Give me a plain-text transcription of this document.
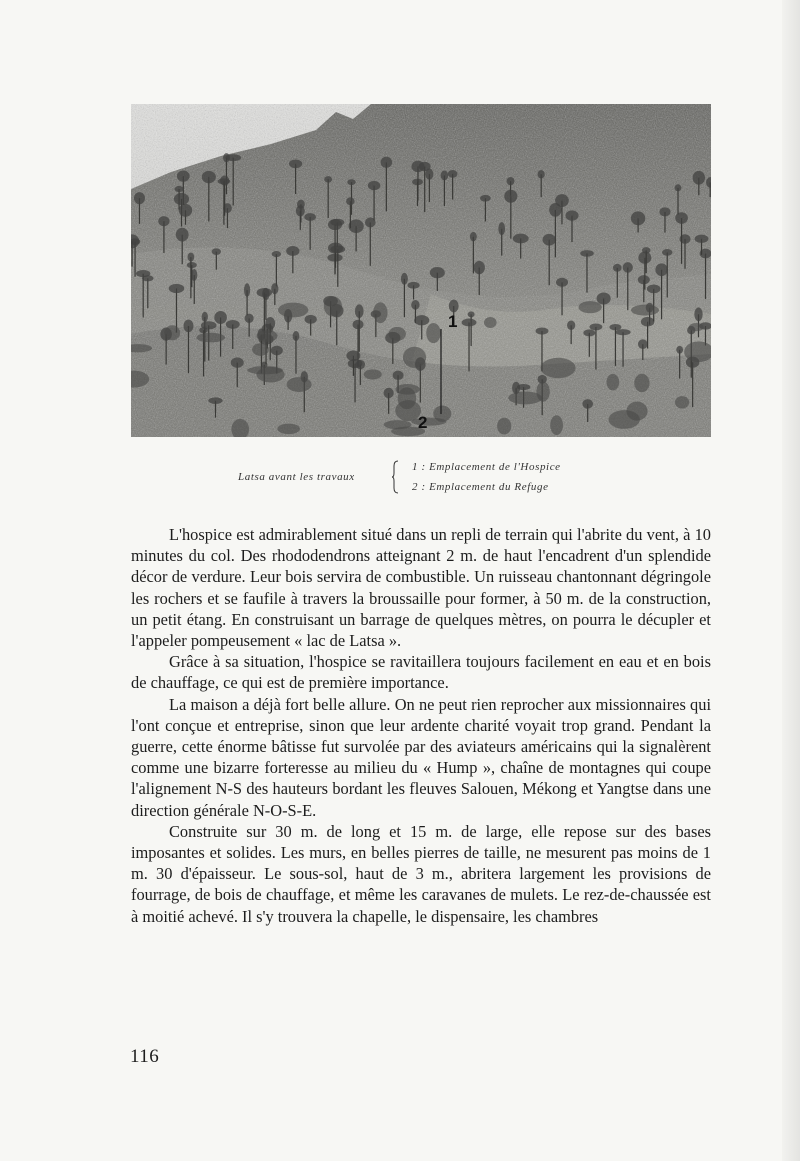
1
2
Latsa avant les travaux
1 : Emplacement de l'Hospice
2 : Emplacement du Refuge

L'hospice est admirablement situé dans un repli de terrain qui l'abrite du vent, à 10 minutes du col. Des rhododendrons atteignant 2 m. de haut l'encadrent d'un splendide décor de verdure. Leur bois servira de combustible. Un ruisseau chantonnant dégringole les rochers et se faufile à travers la broussaille pour former, à 50 m. de la construction, un petit étang. En construisant un barrage de quelques mètres, on pourra le décupler et l'appeler pompeusement « lac de Latsa ».

Grâce à sa situation, l'hospice se ravitaillera toujours facilement en eau et en bois de chauffage, ce qui est de première importance.

La maison a déjà fort belle allure. On ne peut rien reprocher aux missionnaires qui l'ont conçue et entreprise, sinon que leur ardente charité voyait trop grand. Pendant la guerre, cette énorme bâtisse fut survolée par des aviateurs américains qui la signalèrent comme une bizarre forteresse au milieu du « Hump », chaîne de montagnes qui coupe l'alignement N-S des hauteurs bordant les fleuves Salouen, Mékong et Yangtse dans une direction générale N-O-S-E.

Construite sur 30 m. de long et 15 m. de large, elle repose sur des bases imposantes et solides. Les murs, en belles pierres de taille, ne mesurent pas moins de 1 m. 30 d'épaisseur. Le sous-sol, haut de 3 m., abritera largement les provisions de fourrage, de bois de chauffage, et même les caravanes de mulets. Le rez-de-chaussée est à moitié achevé. Il s'y trouvera la chapelle, le dispensaire, les chambres

116
